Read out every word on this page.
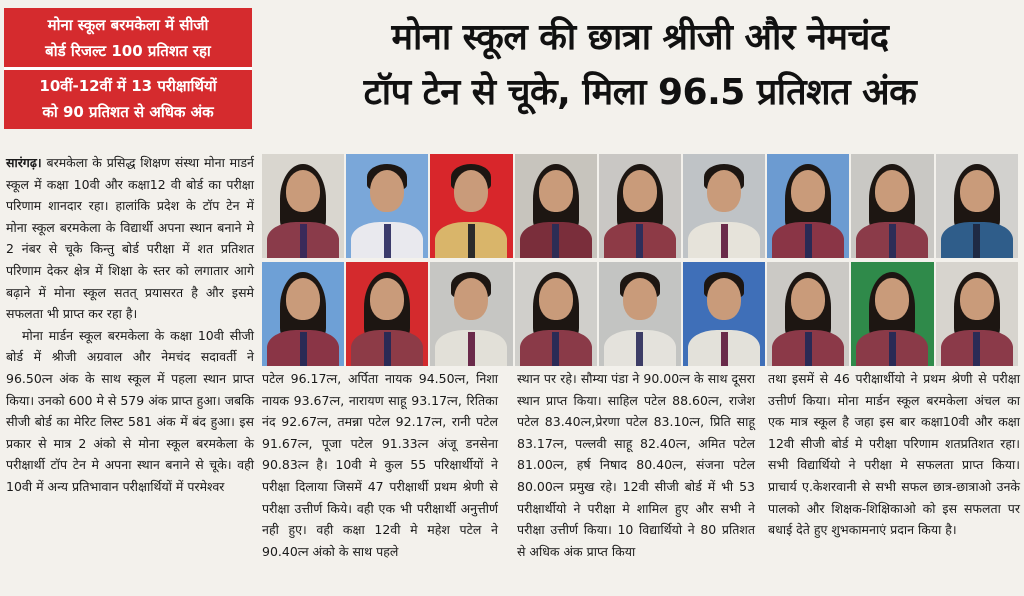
मोना स्कूल बरमकेला में सीजी
बोर्ड रिजल्ट 100 प्रतिशत रहा
10वीं-12वीं में 13 परीक्षार्थियों
को 90 प्रतिशत से अधिक अंक
मोना स्कूल की छात्रा श्रीजी और नेमचंद
टॉप टेन से चूके, मिला 96.5 प्रतिशत अंक

सारंगढ़। बरमकेला के प्रसिद्ध शिक्षण संस्था मोना माडर्न स्कूल में कक्षा 10वी और कक्षा12 वी बोर्ड का परीक्षा परिणाम शानदार रहा। हालांकि प्रदेश के टॉप टेन में मोना स्कूल बरमकेला के विद्यार्थी अपना स्थान बनाने मे 2 नंबर से चूके किन्तु बोर्ड परीक्षा में शत प्रतिशत परिणाम देकर क्षेत्र में शिक्षा के स्तर को लगातार आगे बढ़ाने में मोना स्कूल सतत् प्रयासरत है और इसमे सफलता भी प्राप्त कर रहा है।

मोना मार्डन स्कूल बरमकेला के कक्षा 10वी सीजी बोर्ड में श्रीजी अग्रवाल और नेमचंद सदावर्ती ने 96.50त्न अंक के साथ स्कूल में पहला स्थान प्राप्त किया। उनको 600 मे से 579 अंक प्राप्त हुआ। जबकि सीजी बोर्ड का मेरिट लिस्ट 581 अंक में बंद हुआ। इस प्रकार से मात्र 2 अंको से मोना स्कूल बरमकेला के परीक्षार्थी टॉप टेन मे अपना स्थान बनाने से चूके। वही 10वी में अन्य प्रतिभावान परीक्षार्थियों में परमेश्वर

पटेल 96.17त्न, अर्पिता नायक 94.50त्न, निशा नायक 93.67त्न, नारायण साहू 93.17त्न, रितिका नंद 92.67त्न, तमन्ना पटेल 92.17त्न, रानी पटेल 91.67त्न, पूजा पटेल 91.33त्न अंजू डनसेना 90.83त्न है। 10वी मे कुल 55 परिक्षार्थीयों ने परीक्षा दिलाया जिसमें 47 परीक्षार्थी प्रथम श्रेणी से परीक्षा उत्तीर्ण किये। वही एक भी परीक्षार्थी अनुत्तीर्ण नही हुए। वही कक्षा 12वी मे महेश पटेल ने 90.40त्न अंको के साथ पहले
स्थान पर रहे। सौम्या पंडा ने 90.00त्न के साथ दूसरा स्थान प्राप्त किया। साहिल पटेल 88.60त्न, राजेश पटेल 83.40त्न,प्रेरणा पटेल 83.10त्न, प्रिति साहू 83.17त्न, पल्लवी साहू 82.40त्न, अमित पटेल 81.00त्न, हर्ष निषाद 80.40त्न, संजना पटेल 80.00त्न प्रमुख रहे। 12वी सीजी बोर्ड में भी 53 परीक्षार्थीयो ने परीक्षा मे शामिल हुए और सभी ने परीक्षा उत्तीर्ण किया। 10 विद्यार्थियो ने 80 प्रतिशत से अधिक अंक प्राप्त किया
तथा इसमें से 46 परीक्षार्थीयो ने प्रथम श्रेणी से परीक्षा उत्तीर्ण किया। मोना मार्डन स्कूल बरमकेला अंचल का एक मात्र स्कूल है जहा इस बार कक्षा10वी और कक्षा 12वी सीजी बोर्ड मे परीक्षा परिणाम शतप्रतिशत रहा। सभी विद्यार्थियो ने परीक्षा मे सफलता प्राप्त किया। प्राचार्य ए.केशरवानी से सभी सफल छात्र-छात्राओ उनके पालको और शिक्षक-शिक्षिकाओ को इस सफलता पर बधाई देते हुए शुभकामनाएं प्रदान किया है।
